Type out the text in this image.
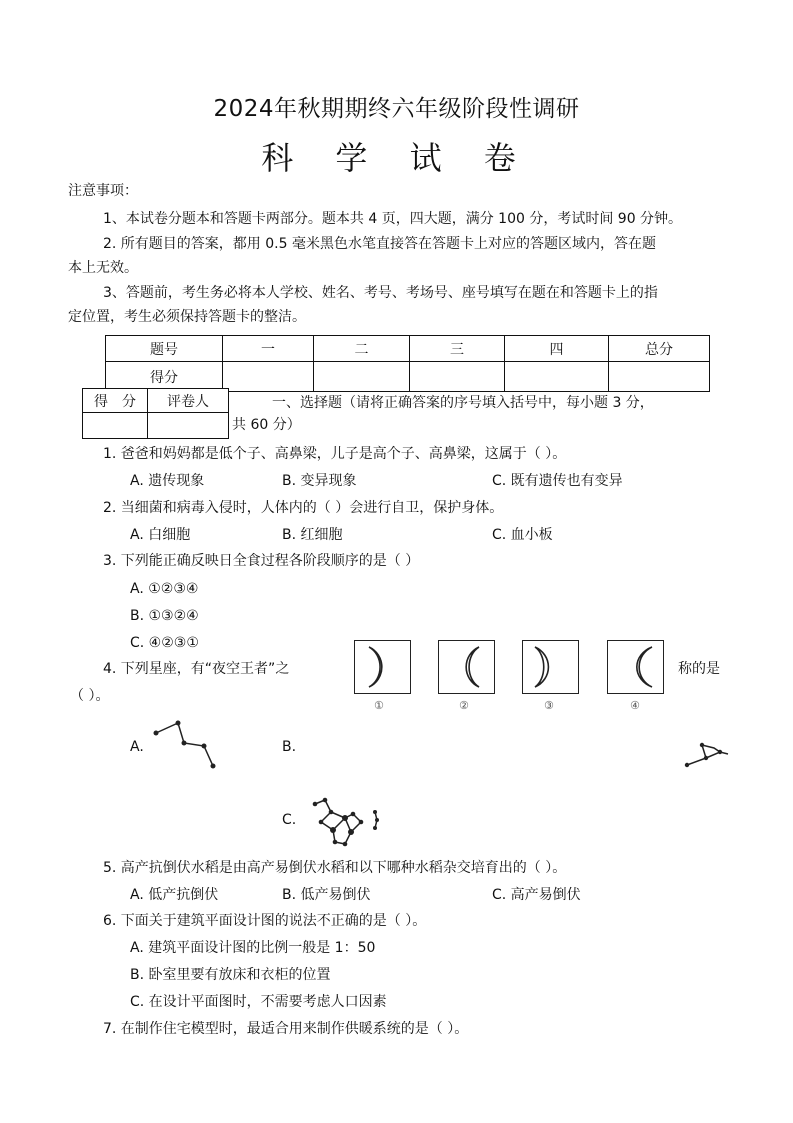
2024年秋期期终六年级阶段性调研
科 学 试 卷
注意事项：
1、本试卷分题本和答题卡两部分。题本共 4 页，四大题，满分 100 分，考试时间 90 分钟。
2. 所有题目的答案，都用 0.5 毫米黑色水笔直接答在答题卡上对应的答题区域内，答在题
本上无效。
3、答题前，考生务必将本人学校、姓名、考号、考场号、座号填写在题在和答题卡上的指
定位置，考生必须保持答题卡的整洁。
题号	一	二	三	四	总分
得分					
得　分	评卷人
		一、选择题（请将正确答案的序号填入括号中，每小题 3 分，
共 60 分）
1. 爸爸和妈妈都是低个子、高鼻梁，儿子是高个子、高鼻梁，这属于（ ）。
A. 遗传现象	B. 变异现象	C. 既有遗传也有变异
2. 当细菌和病毒入侵时，人体内的（ ）会进行自卫，保护身体。
A. 白细胞	B. 红细胞	C. 血小板
3. 下列能正确反映日全食过程各阶段顺序的是（ ）
A. ①②③④
B. ①③②④
C. ④②③①
①	②	③	④
4. 下列星座，有“夜空王者”之	称的是
（ ）。
A.	B.
C.
5. 高产抗倒伏水稻是由高产易倒伏水稻和以下哪种水稻杂交培育出的（ ）。
A. 低产抗倒伏	B. 低产易倒伏	C. 高产易倒伏
6. 下面关于建筑平面设计图的说法不正确的是（ ）。
A. 建筑平面设计图的比例一般是 1：50
B. 卧室里要有放床和衣柜的位置
C. 在设计平面图时，不需要考虑人口因素
7. 在制作住宅模型时，最适合用来制作供暖系统的是（ ）。
